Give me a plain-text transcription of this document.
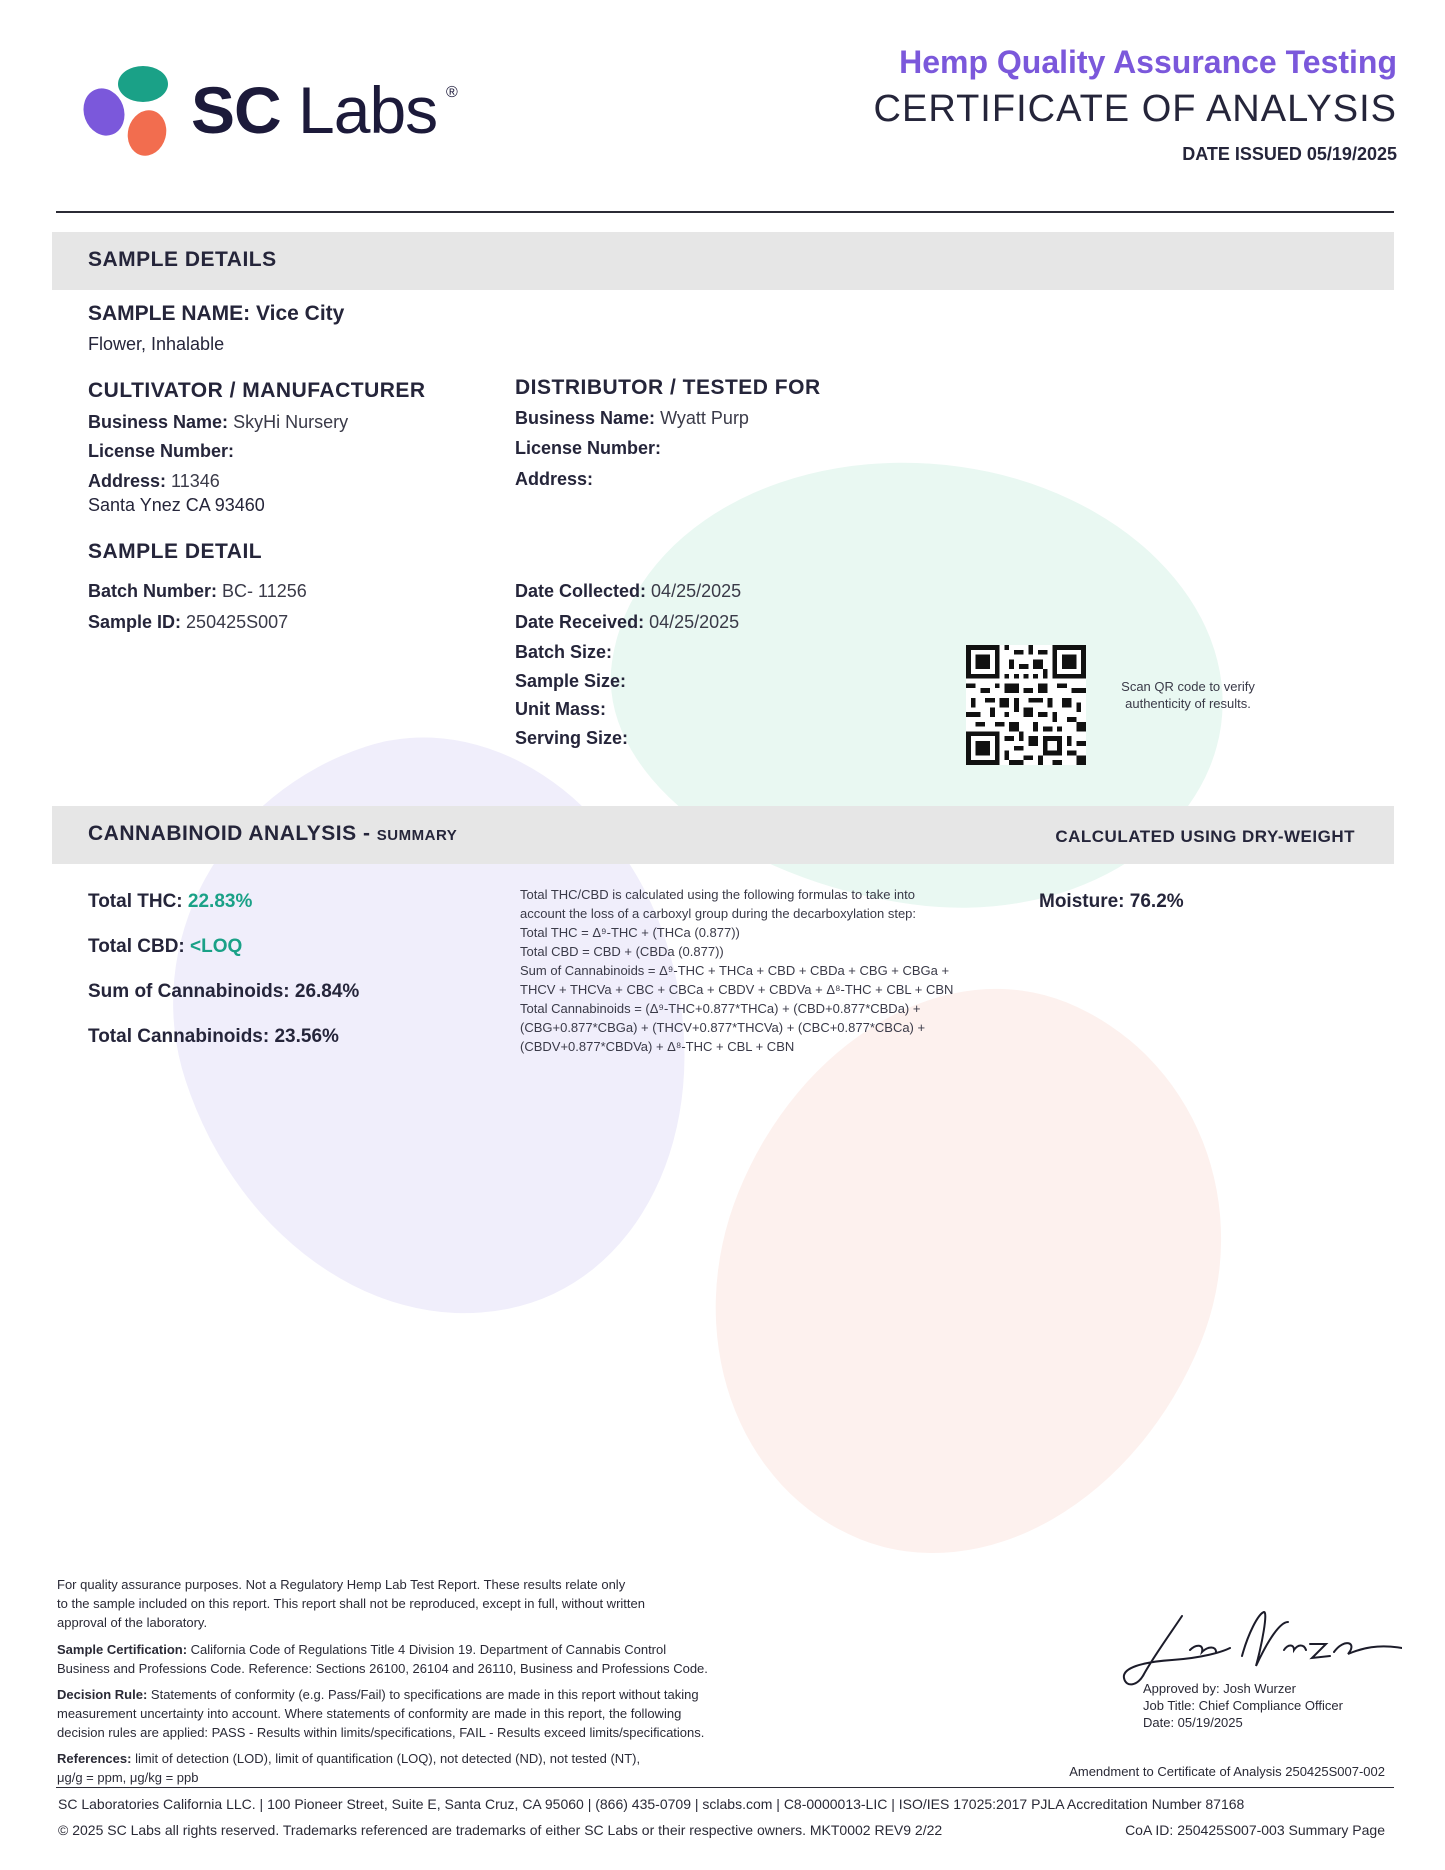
SC Labs ®
Hemp Quality Assurance Testing
CERTIFICATE OF ANALYSIS
DATE ISSUED 05/19/2025
SAMPLE DETAILS
SAMPLE NAME: Vice City
Flower, Inhalable
CULTIVATOR / MANUFACTURER
Business Name: SkyHi Nursery
License Number:
Address: 11346
Santa Ynez CA 93460
DISTRIBUTOR / TESTED FOR
Business Name: Wyatt Purp
License Number:
Address:
SAMPLE DETAIL
Batch Number: BC- 11256
Sample ID: 250425S007
Date Collected: 04/25/2025
Date Received: 04/25/2025
Batch Size:
Sample Size:
Unit Mass:
Serving Size:
Scan QR code to verify authenticity of results.
CANNABINOID ANALYSIS - SUMMARY	CALCULATED USING DRY-WEIGHT
Total THC: 22.83%
Total CBD: <LOQ
Sum of Cannabinoids: 26.84%
Total Cannabinoids: 23.56%
Moisture: 76.2%
Total THC/CBD is calculated using the following formulas to take into
account the loss of a carboxyl group during the decarboxylation step:
Total THC = Δ⁹-THC + (THCa (0.877))
Total CBD = CBD + (CBDa (0.877))
Sum of Cannabinoids = Δ⁹-THC + THCa + CBD + CBDa + CBG + CBGa +
THCV + THCVa + CBC + CBCa + CBDV + CBDVa + Δ⁸-THC + CBL + CBN
Total Cannabinoids = (Δ⁹-THC+0.877*THCa) + (CBD+0.877*CBDa) +
(CBG+0.877*CBGa) + (THCV+0.877*THCVa) + (CBC+0.877*CBCa) +
(CBDV+0.877*CBDVa) + Δ⁸-THC + CBL + CBN
For quality assurance purposes. Not a Regulatory Hemp Lab Test Report. These results relate only
to the sample included on this report. This report shall not be reproduced, except in full, without written
approval of the laboratory.
Sample Certification: California Code of Regulations Title 4 Division 19. Department of Cannabis Control
Business and Professions Code. Reference: Sections 26100, 26104 and 26110, Business and Professions Code.
Decision Rule: Statements of conformity (e.g. Pass/Fail) to specifications are made in this report without taking
measurement uncertainty into account. Where statements of conformity are made in this report, the following
decision rules are applied: PASS - Results within limits/specifications, FAIL - Results exceed limits/specifications.
References: limit of detection (LOD), limit of quantification (LOQ), not detected (ND), not tested (NT),
μg/g = ppm, μg/kg = ppb
Approved by: Josh Wurzer
Job Title: Chief Compliance Officer
Date: 05/19/2025
Amendment to Certificate of Analysis 250425S007-002
SC Laboratories California LLC. | 100 Pioneer Street, Suite E, Santa Cruz, CA 95060 | (866) 435-0709 | sclabs.com | C8-0000013-LIC | ISO/IES 17025:2017 PJLA Accreditation Number 87168
© 2025 SC Labs all rights reserved. Trademarks referenced are trademarks of either SC Labs or their respective owners. MKT0002 REV9 2/22	CoA ID: 250425S007-003 Summary Page
